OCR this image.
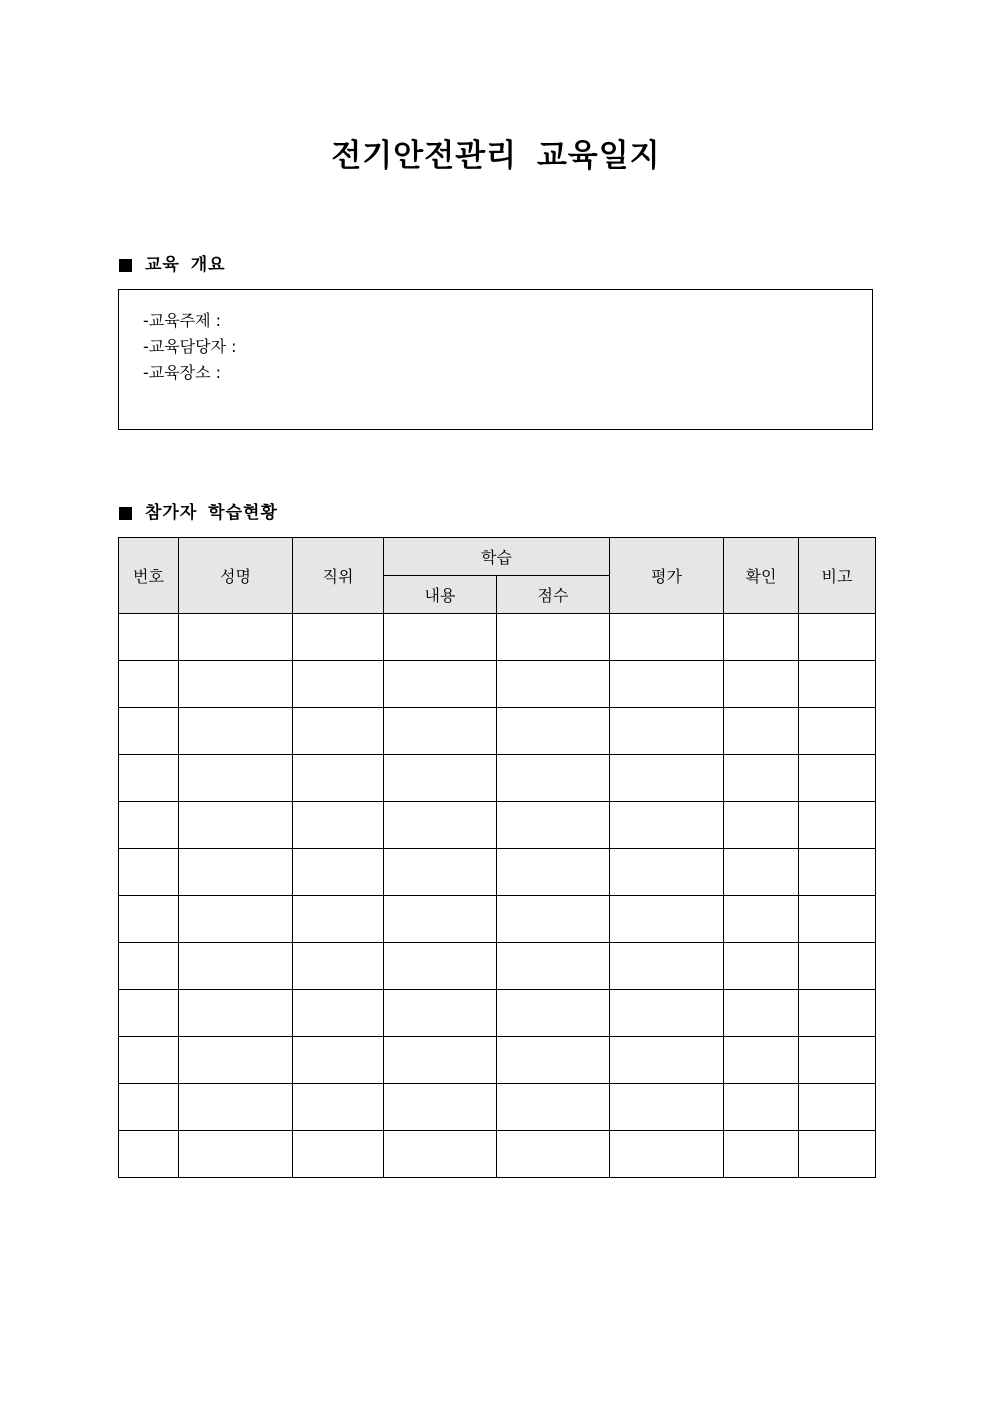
전기안전관리 교육일지
교육 개요
-교육주제 :
-교육담당자 :
-교육장소 :
참가자 학습현황
번호	성명	직위	학습		평가	확인	비고
			내용	점수			
